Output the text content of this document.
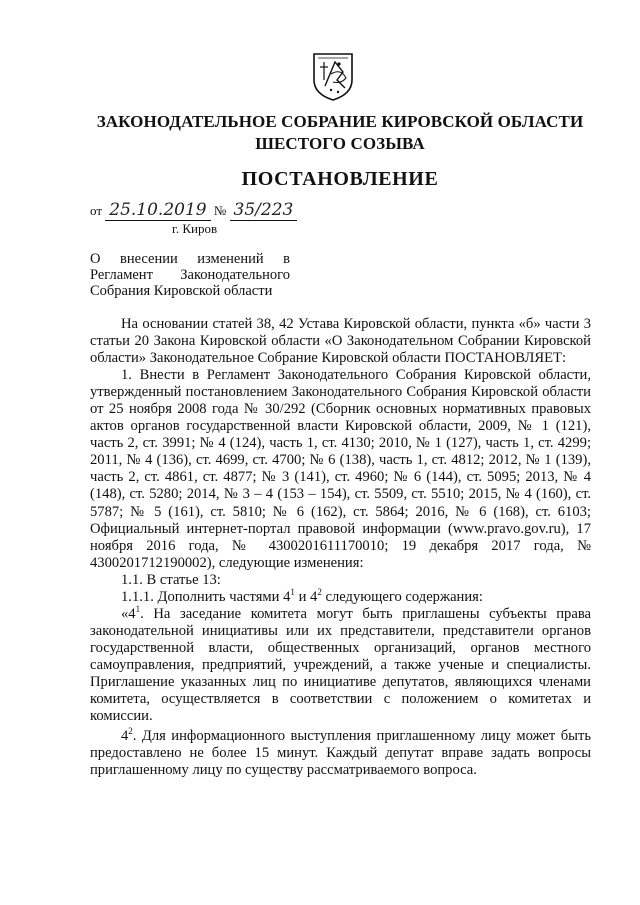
ЗАКОНОДАТЕЛЬНОЕ СОБРАНИЕ КИРОВСКОЙ ОБЛАСТИ
ШЕСТОГО СОЗЫВА
ПОСТАНОВЛЕНИЕ
от 25.10.2019 № 35/223
г. Киров
О внесении изменений в
Регламент Законодательного
Собрания Кировской области

На основании статей 38, 42 Устава Кировской области, пункта «б» части 3 статьи 20 Закона Кировской области «О Законодательном Собрании Кировской области» Законодательное Собрание Кировской области ПОСТАНОВЛЯЕТ:

1. Внести в Регламент Законодательного Собрания Кировской области, утвержденный постановлением Законодательного Собрания Кировской области от 25 ноября 2008 года № 30/292 (Сборник основных нормативных правовых актов органов государственной власти Кировской области, 2009, № 1 (121), часть 2, ст. 3991; № 4 (124), часть 1, ст. 4130; 2010, № 1 (127), часть 1, ст. 4299; 2011, № 4 (136), ст. 4699, ст. 4700; № 6 (138), часть 1, ст. 4812; 2012, № 1 (139), часть 2, ст. 4861, ст. 4877; № 3 (141), ст. 4960; № 6 (144), ст. 5095; 2013, № 4 (148), ст. 5280; 2014, № 3 – 4 (153 – 154), ст. 5509, ст. 5510; 2015, № 4 (160), ст. 5787; № 5 (161), ст. 5810; № 6 (162), ст. 5864; 2016, № 6 (168), ст. 6103; Официальный интернет-портал правовой информации (www.pravo.gov.ru), 17 ноября 2016 года, № 4300201611170010; 19 декабря 2017 года, № 4300201712190002), следующие изменения:

1.1. В статье 13:

1.1.1. Дополнить частями $4^1$ и $4^2$ следующего содержания:

«$4^1$. На заседание комитета могут быть приглашены субъекты права законодательной инициативы или их представители, представители органов государственной власти, общественных организаций, органов местного самоуправления, предприятий, учреждений, а также ученые и специалисты. Приглашение указанных лиц по инициативе депутатов, являющихся членами комитета, осуществляется в соответствии с положением о комитетах и комиссии.

$4^2$. Для информационного выступления приглашенному лицу может быть предоставлено не более 15 минут. Каждый депутат вправе задать вопросы приглашенному лицу по существу рассматриваемого вопроса.
